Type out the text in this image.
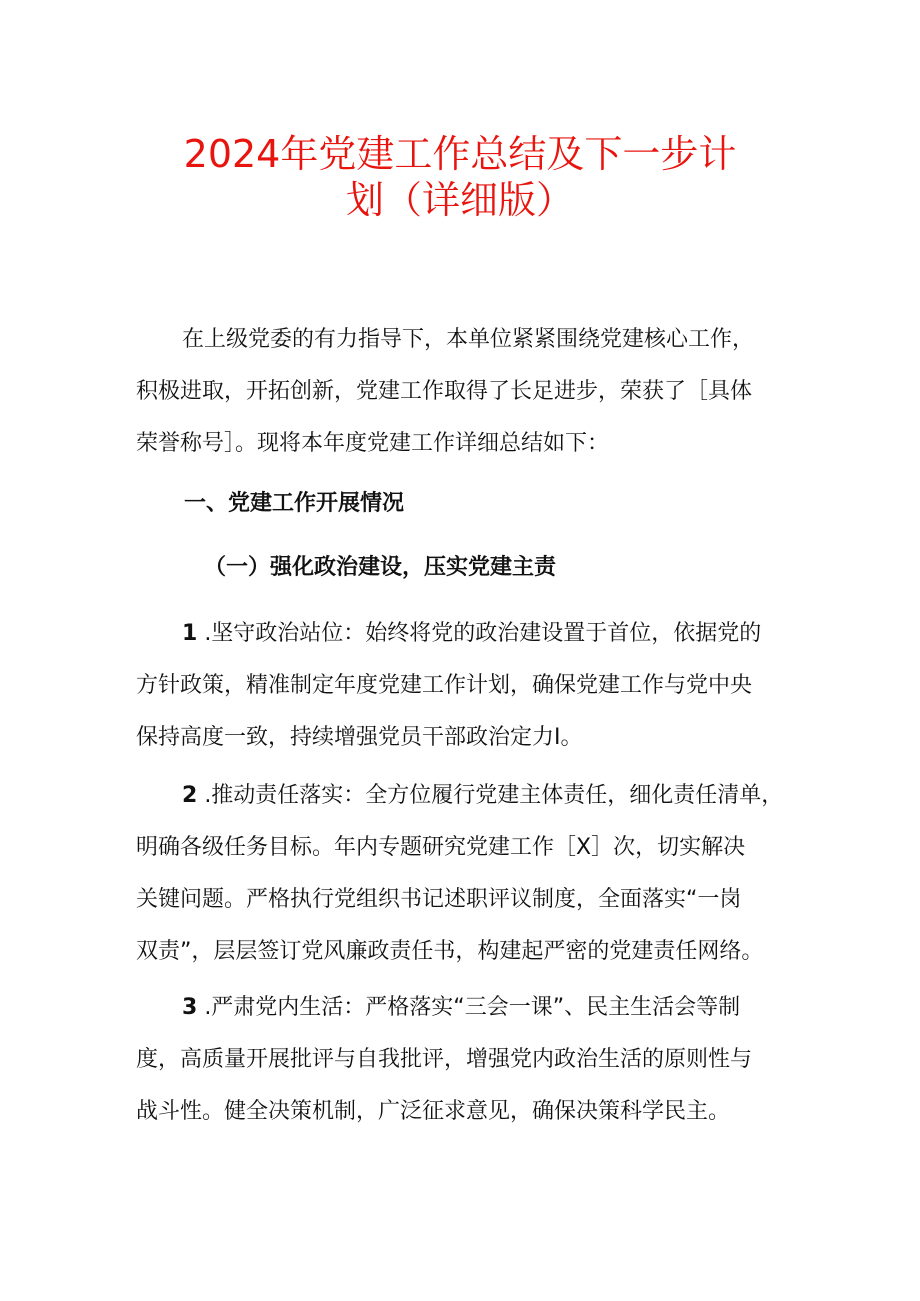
2024年党建工作总结及下一步计
划（详细版）
在上级党委的有力指导下，本单位紧紧围绕党建核心工作，
积极进取，开拓创新，党建工作取得了长足进步，荣获了［具体
荣誉称号］。现将本年度党建工作详细总结如下：
一、党建工作开展情况
（一）强化政治建设，压实党建主责
1 .坚守政治站位：始终将党的政治建设置于首位，依据党的
方针政策，精准制定年度党建工作计划，确保党建工作与党中央
保持高度一致，持续增强党员干部政治定力I。
2 .推动责任落实：全方位履行党建主体责任，细化责任清单，
明确各级任务目标。年内专题研究党建工作［X］次，切实解决
关键问题。严格执行党组织书记述职评议制度，全面落实“一岗
双责”，层层签订党风廉政责任书，构建起严密的党建责任网络。
3 .严肃党内生活：严格落实“三会一课”、民主生活会等制
度，高质量开展批评与自我批评，增强党内政治生活的原则性与
战斗性。健全决策机制，广泛征求意见，确保决策科学民主。
